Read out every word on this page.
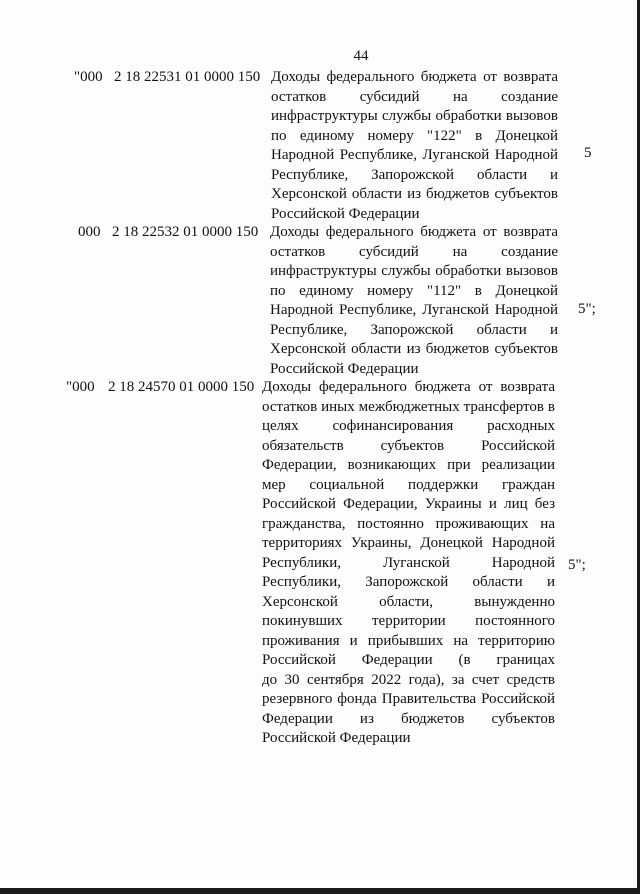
44
"000 2 18 22531 01 0000 150 Доходы федерального бюджета от возврата
остатков субсидий на создание
инфраструктуры службы обработки вызовов
по единому номеру "122" в Донецкой
Народной Республике, Луганской Народной
Республике, Запорожской области и
Херсонской области из бюджетов субъектов
Российской Федерации
5
000 2 18 22532 01 0000 150 Доходы федерального бюджета от возврата
остатков субсидий на создание
инфраструктуры службы обработки вызовов
по единому номеру "112" в Донецкой
Народной Республике, Луганской Народной
Республике, Запорожской области и
Херсонской области из бюджетов субъектов
Российской Федерации
5";
"000 2 18 24570 01 0000 150 Доходы федерального бюджета от возврата
остатков иных межбюджетных трансфертов в
целях софинансирования расходных
обязательств субъектов Российской
Федерации, возникающих при реализации
мер социальной поддержки граждан
Российской Федерации, Украины и лиц без
гражданства, постоянно проживающих на
территориях Украины, Донецкой Народной
Республики, Луганской Народной
Республики, Запорожской области и
Херсонской области, вынужденно
покинувших территории постоянного
проживания и прибывших на территорию
Российской Федерации (в границах
до 30 сентября 2022 года), за счет средств
резервного фонда Правительства Российской
Федерации из бюджетов субъектов
Российской Федерации
5";
